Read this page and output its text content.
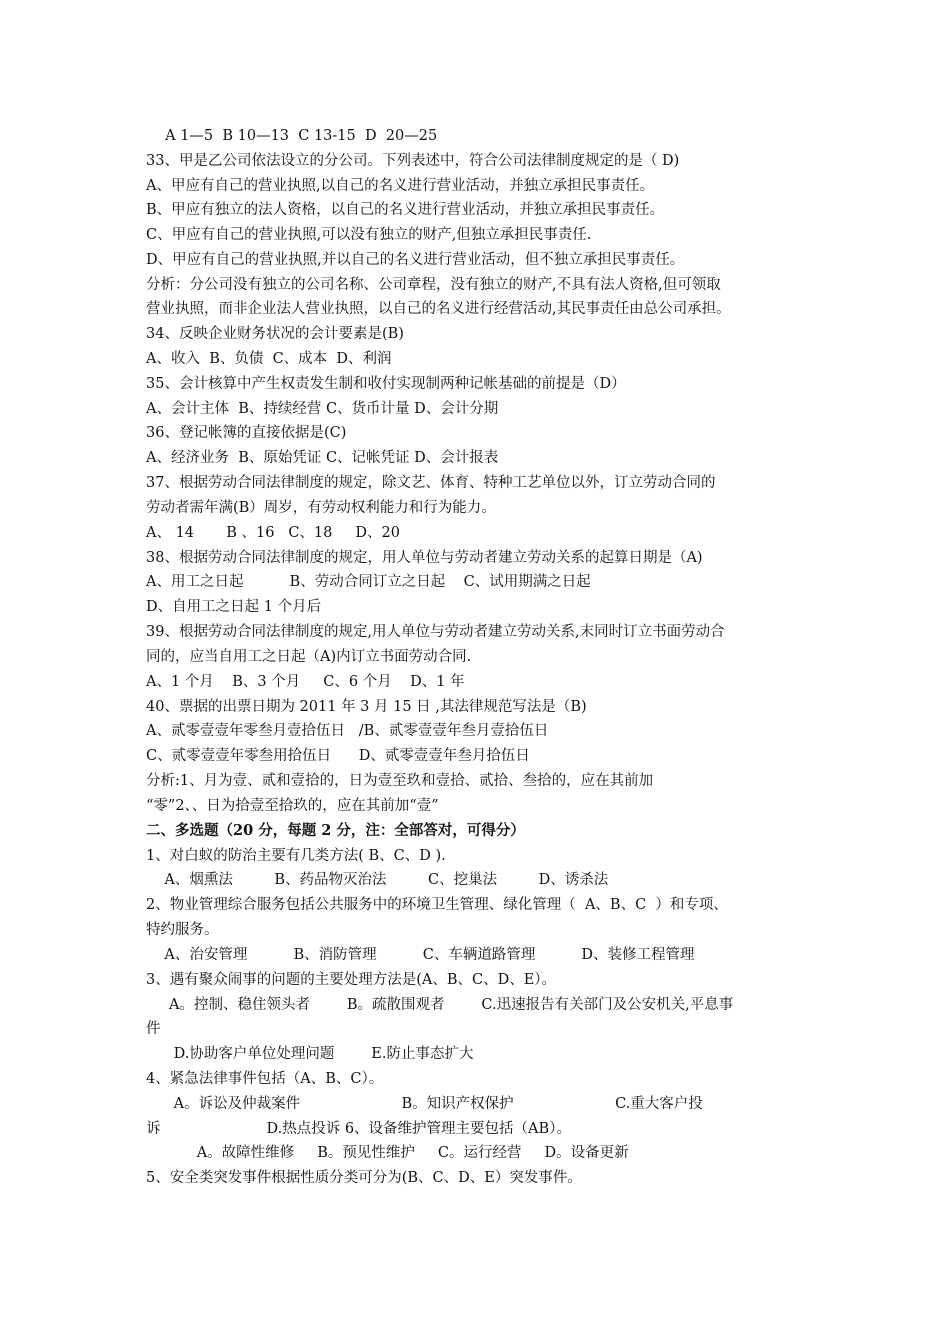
　 A 1—5  B 10—13  C 13-15  D  20—25
33、甲是乙公司依法设立的分公司。下列表述中，符合公司法律制度规定的是（ D)
A、甲应有自己的营业执照,以自己的名义进行营业活动，并独立承担民事责任。
B、甲应有独立的法人资格，以自己的名义进行营业活动，并独立承担民事责任。
C、甲应有自己的营业执照,可以没有独立的财产,但独立承担民事责任.
D、甲应有自己的营业执照,并以自己的名义进行营业活动，但不独立承担民事责任。
分析：分公司没有独立的公司名称、公司章程，没有独立的财产,不具有法人资格,但可领取
营业执照，而非企业法人营业执照，以自己的名义进行经营活动,其民事责任由总公司承担。
34、反映企业财务状况的会计要素是(B)
A、收入  B、负债  C、成本  D、利润
35、会计核算中产生权责发生制和收付实现制两种记帐基础的前提是（D）
A、会计主体  B、持续经营 C、货币计量 D、会计分期
36、登记帐簿的直接依据是(C)
A、经济业务  B、原始凭证 C、记帐凭证 D、会计报表
37、根据劳动合同法律制度的规定，除文艺、体育、特种工艺单位以外，订立劳动合同的
劳动者需年满(B）周岁，有劳动权利能力和行为能力。
A、 14       B 、16   C、18     D、20
38、根据劳动合同法律制度的规定，用人单位与劳动者建立劳动关系的起算日期是（A)
A、用工之日起          B、劳动合同订立之日起    C、试用期满之日起
D、自用工之日起 1 个月后
39、根据劳动合同法律制度的规定,用人单位与劳动者建立劳动关系,末同时订立书面劳动合
同的，应当自用工之日起（A)内订立书面劳动合同.
A、1 个月    B、3 个月     C、6 个月    D、1 年
40、票据的出票日期为 2011 年 3 月 15 日 ,其法律规范写法是（B)
A、贰零壹壹年零叁月壹拾伍日   /B、贰零壹壹年叁月壹拾伍日
C、贰零壹壹年零叁用拾伍日      D、贰零壹壹年叁月拾伍日
分析:1、月为壹、贰和壹拾的，日为壹至玖和壹拾、贰拾、叁拾的，应在其前加
“零”2、、日为拾壹至拾玖的，应在其前加“壹”
二、多选题（20 分，每题 2 分，注：全部答对，可得分）
1、对白蚁的防治主要有几类方法( B、C、D ).
A、烟熏法         B、药品物灭治法         C、挖巢法         D、诱杀法
2、物业管理综合服务包括公共服务中的环境卫生管理、绿化管理（  A、B、C  ）和专项、
特约服务。
A、治安管理          B、消防管理          C、车辆道路管理          D、装修工程管理
3、遇有聚众闹事的问题的主要处理方法是(A、B、C、D、E）。
A。控制、稳住领头者        B。疏散围观者        C.迅速报告有关部门及公安机关,平息事
件
D.协助客户单位处理问题        E.防止事态扩大
4、紧急法律事件包括（A、B、C）。
A。诉讼及仲裁案件                      B。知识产权保护                      C.重大客户投
诉                       D.热点投诉 6、设备维护管理主要包括（AB）。
A。故障性维修     B。预见性维护     C。运行经营     D。设备更新
5、安全类突发事件根据性质分类可分为(B、C、D、E）突发事件。
